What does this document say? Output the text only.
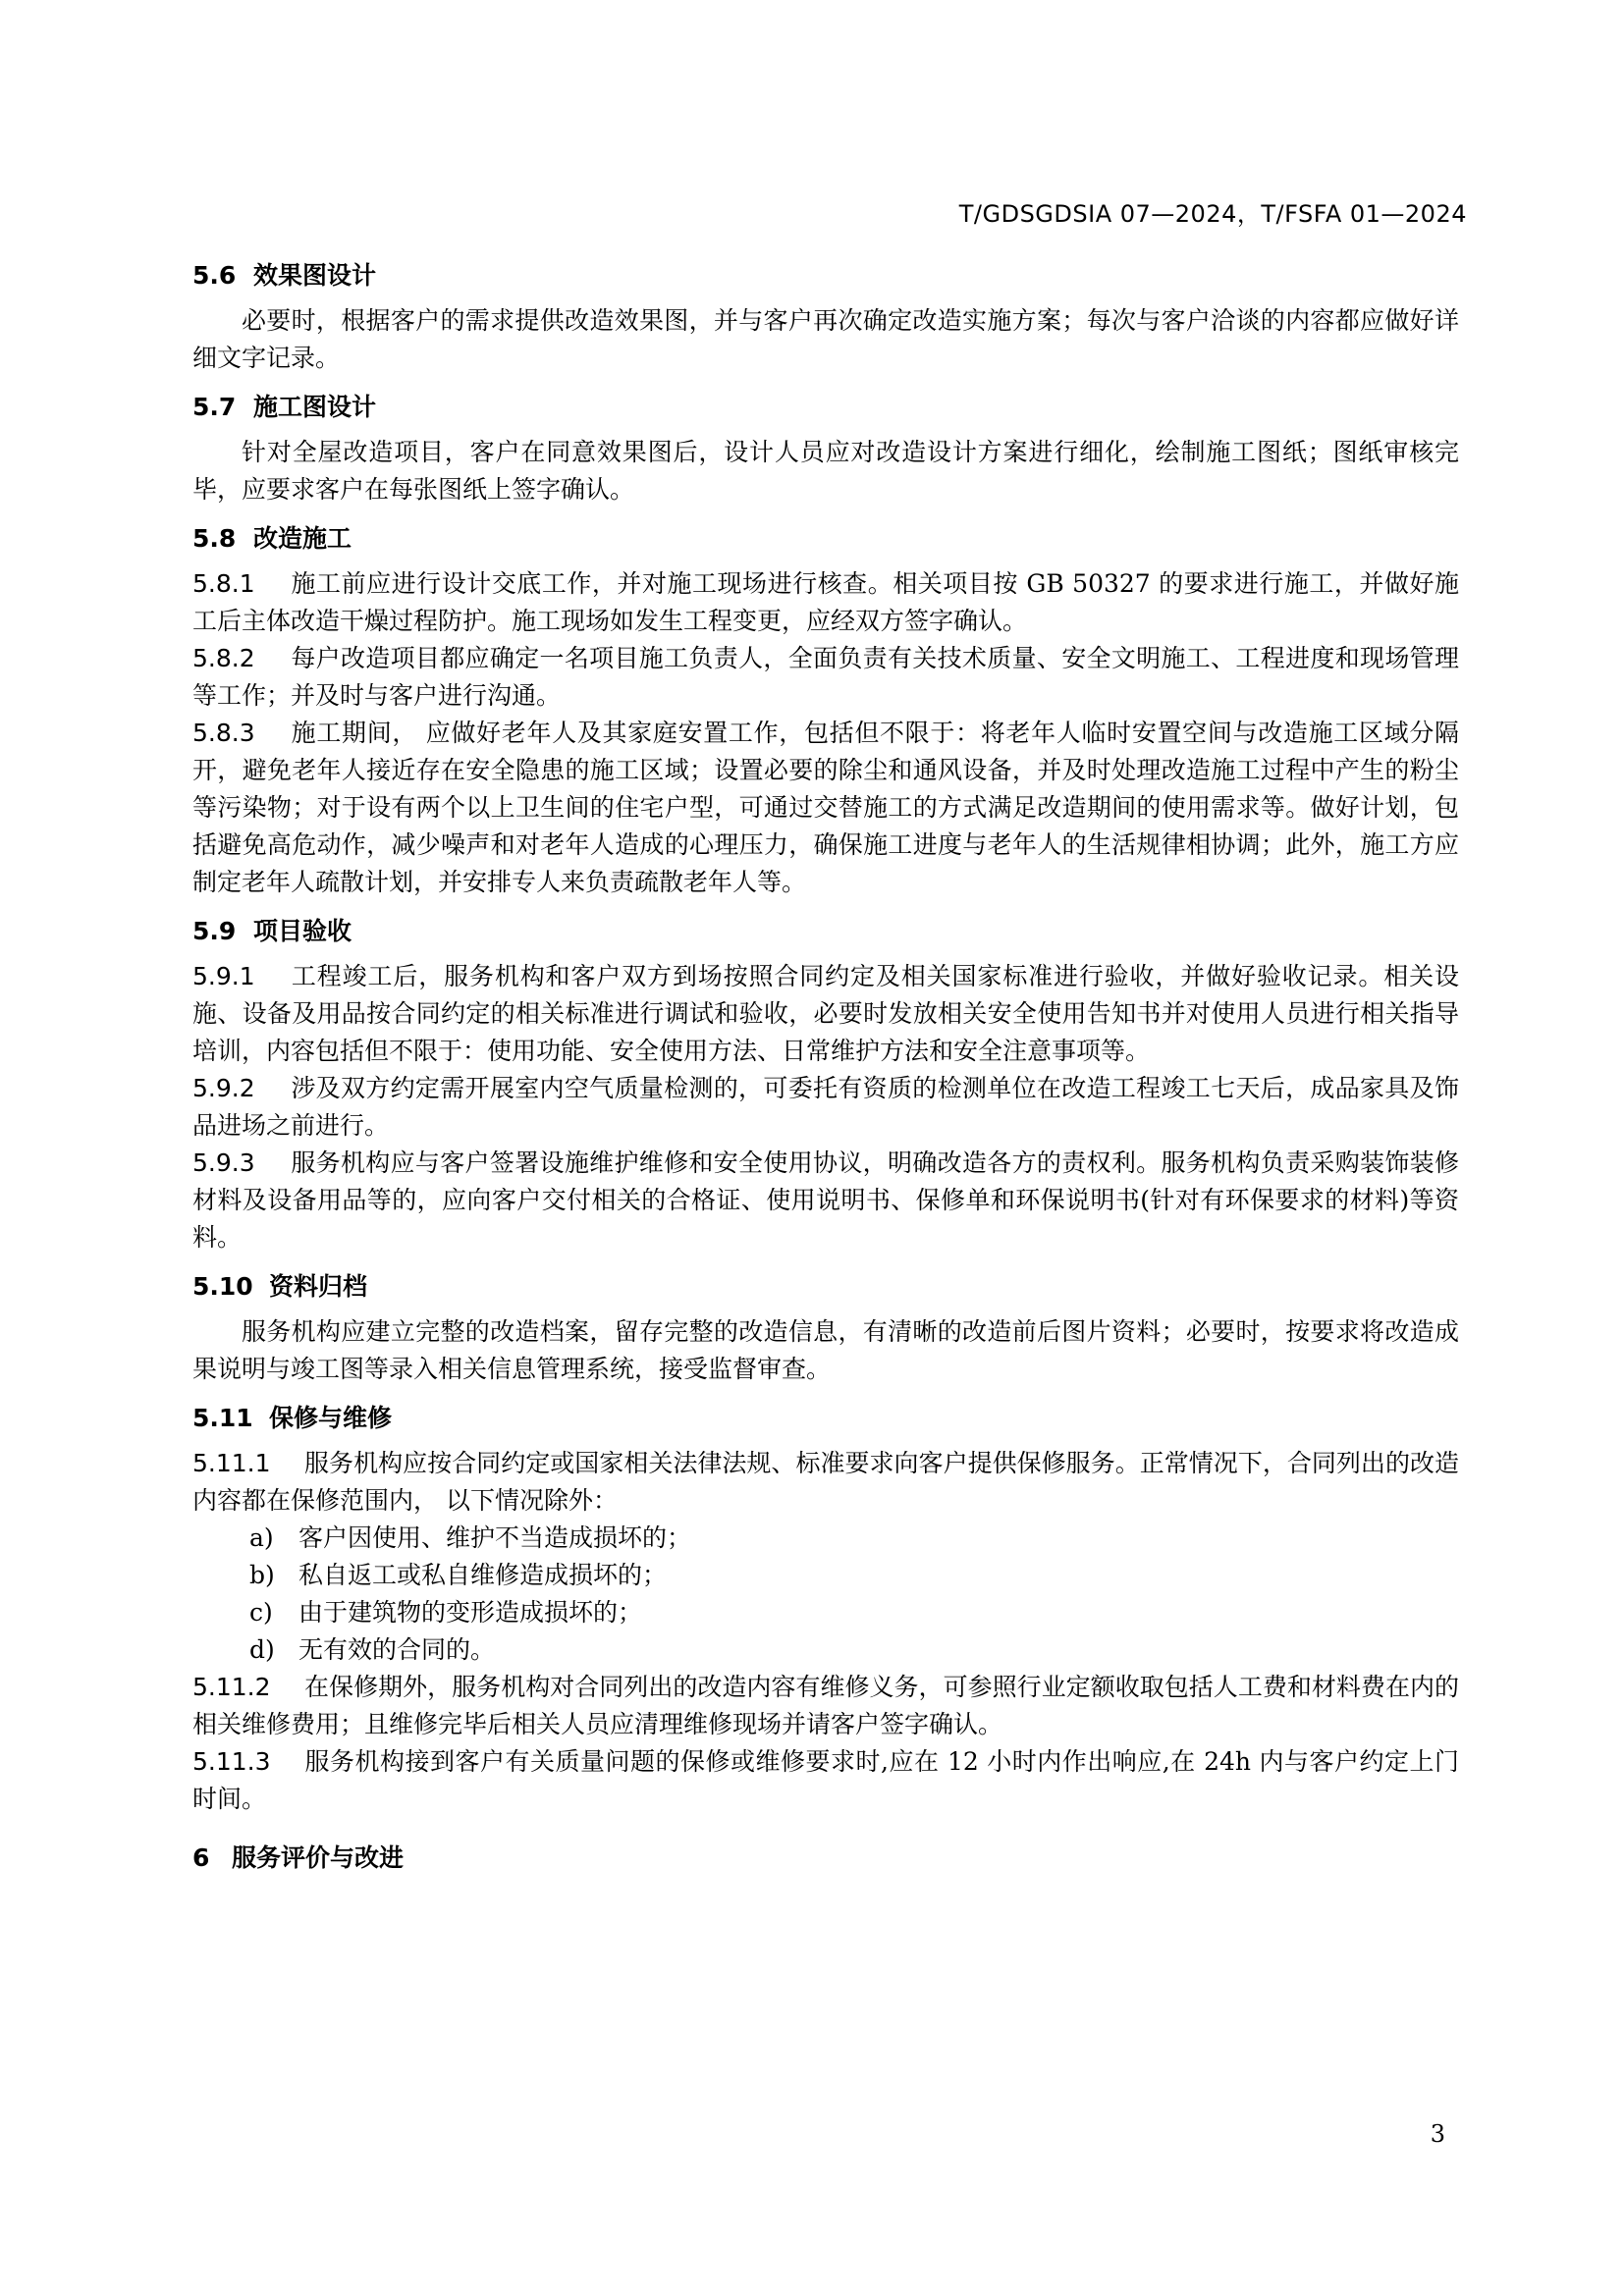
T/GDSGDSIA 07—2024，T/FSFA 01—2024
5.6 效果图设计

必要时，根据客户的需求提供改造效果图，并与客户再次确定改造实施方案；每次与客户洽谈的内容都应做好详细文字记录。

5.7 施工图设计

针对全屋改造项目，客户在同意效果图后，设计人员应对改造设计方案进行细化，绘制施工图纸；图纸审核完毕，应要求客户在每张图纸上签字确认。

5.8 改造施工

5.8.1 施工前应进行设计交底工作，并对施工现场进行核查。相关项目按 GB 50327 的要求进行施工，并做好施工后主体改造干燥过程防护。施工现场如发生工程变更，应经双方签字确认。

5.8.2 每户改造项目都应确定一名项目施工负责人，全面负责有关技术质量、安全文明施工、工程进度和现场管理等工作；并及时与客户进行沟通。

5.8.3 施工期间， 应做好老年人及其家庭安置工作，包括但不限于：将老年人临时安置空间与改造施工区域分隔开，避免老年人接近存在安全隐患的施工区域；设置必要的除尘和通风设备，并及时处理改造施工过程中产生的粉尘等污染物；对于设有两个以上卫生间的住宅户型，可通过交替施工的方式满足改造期间的使用需求等。做好计划，包括避免高危动作，减少噪声和对老年人造成的心理压力，确保施工进度与老年人的生活规律相协调；此外，施工方应制定老年人疏散计划，并安排专人来负责疏散老年人等。

5.9 项目验收

5.9.1 工程竣工后，服务机构和客户双方到场按照合同约定及相关国家标准进行验收，并做好验收记录。相关设施、设备及用品按合同约定的相关标准进行调试和验收，必要时发放相关安全使用告知书并对使用人员进行相关指导培训，内容包括但不限于：使用功能、安全使用方法、日常维护方法和安全注意事项等。

5.9.2 涉及双方约定需开展室内空气质量检测的，可委托有资质的检测单位在改造工程竣工七天后，成品家具及饰品进场之前进行。

5.9.3 服务机构应与客户签署设施维护维修和安全使用协议，明确改造各方的责权利。服务机构负责采购装饰装修材料及设备用品等的，应向客户交付相关的合格证、使用说明书、保修单和环保说明书(针对有环保要求的材料)等资料。

5.10 资料归档

服务机构应建立完整的改造档案，留存完整的改造信息，有清晰的改造前后图片资料；必要时，按要求将改造成果说明与竣工图等录入相关信息管理系统，接受监督审查。

5.11 保修与维修

5.11.1 服务机构应按合同约定或国家相关法律法规、标准要求向客户提供保修服务。正常情况下，合同列出的改造内容都在保修范围内， 以下情况除外：

a) 客户因使用、维护不当造成损坏的；

b) 私自返工或私自维修造成损坏的；

c) 由于建筑物的变形造成损坏的；

d) 无有效的合同的。

5.11.2 在保修期外，服务机构对合同列出的改造内容有维修义务，可参照行业定额收取包括人工费和材料费在内的相关维修费用；且维修完毕后相关人员应清理维修现场并请客户签字确认。

5.11.3 服务机构接到客户有关质量问题的保修或维修要求时,应在 12 小时内作出响应,在 24h 内与客户约定上门时间。

6 服务评价与改进
3
